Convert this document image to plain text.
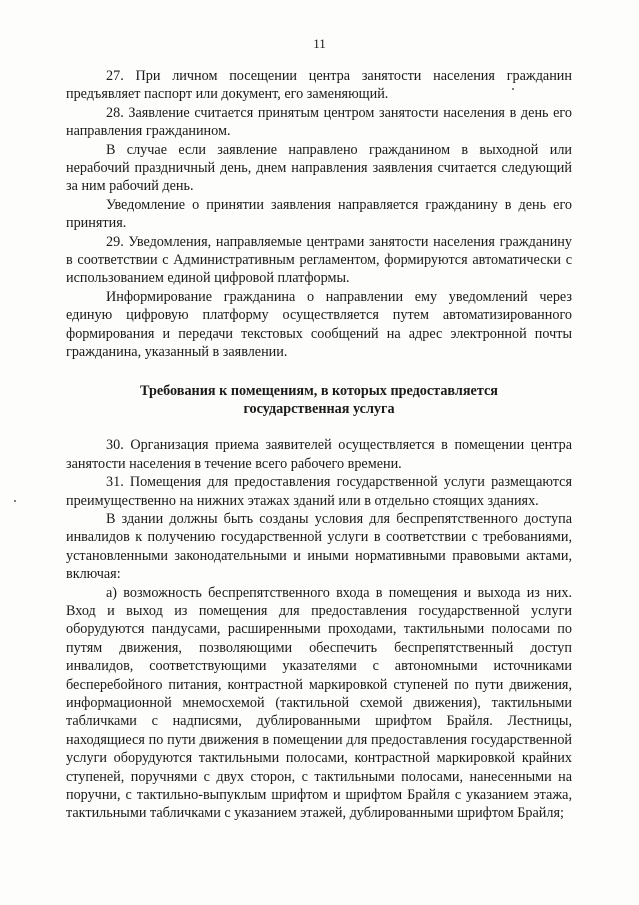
11

27. При личном посещении центра занятости населения гражданин предъявляет паспорт или документ, его заменяющий.

28. Заявление считается принятым центром занятости населения в день его направления гражданином.

В случае если заявление направлено гражданином в выходной или нерабочий праздничный день, днем направления заявления считается следующий за ним рабочий день.

Уведомление о принятии заявления направляется гражданину в день его принятия.

29. Уведомления, направляемые центрами занятости населения гражданину в соответствии с Административным регламентом, формируются автоматически с использованием единой цифровой платформы.

Информирование гражданина о направлении ему уведомлений через единую цифровую платформу осуществляется путем автоматизированного формирования и передачи текстовых сообщений на адрес электронной почты гражданина, указанный в заявлении.

Требования к помещениям, в которых предоставляется государственная услуга

30. Организация приема заявителей осуществляется в помещении центра занятости населения в течение всего рабочего времени.

31. Помещения для предоставления государственной услуги размещаются преимущественно на нижних этажах зданий или в отдельно стоящих зданиях.

В здании должны быть созданы условия для беспрепятственного доступа инвалидов к получению государственной услуги в соответствии с требованиями, установленными законодательными и иными нормативными правовыми актами, включая:

а) возможность беспрепятственного входа в помещения и выхода из них. Вход и выход из помещения для предоставления государственной услуги оборудуются пандусами, расширенными проходами, тактильными полосами по путям движения, позволяющими обеспечить беспрепятственный доступ инвалидов, соответствующими указателями с автономными источниками бесперебойного питания, контрастной маркировкой ступеней по пути движения, информационной мнемосхемой (тактильной схемой движения), тактильными табличками с надписями, дублированными шрифтом Брайля. Лестницы, находящиеся по пути движения в помещении для предоставления государственной услуги оборудуются тактильными полосами, контрастной маркировкой крайних ступеней, поручнями с двух сторон, с тактильными полосами, нанесенными на поручни, с тактильно-выпуклым шрифтом и шрифтом Брайля с указанием этажа, тактильными табличками с указанием этажей, дублированными шрифтом Брайля;
